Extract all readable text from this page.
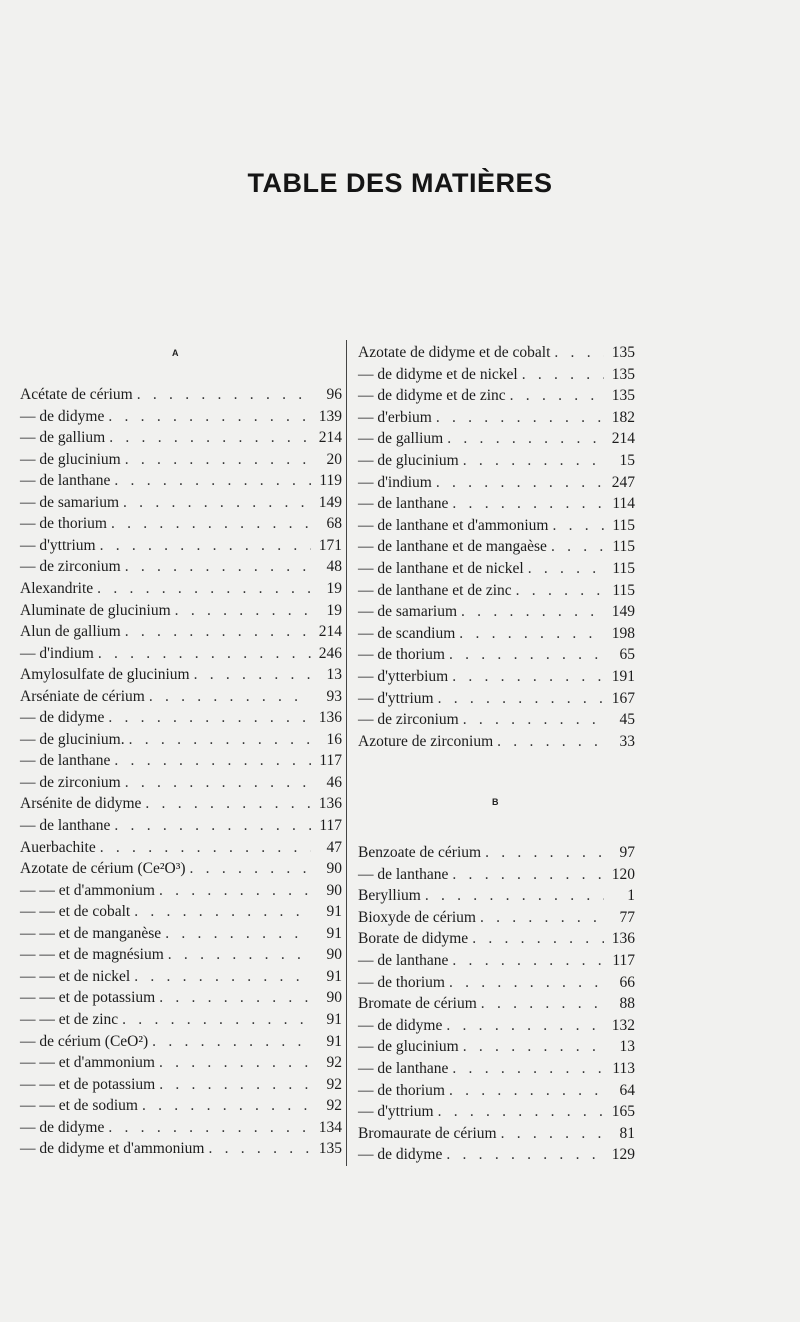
TABLE DES MATIÈRES
A
Acétate de cérium . . .	96
— de didyme . . .	139
— de gallium . . .	214
— de glucinium . . .	20
— de lanthane . . .	119
— de samarium . . .	149
— de thorium . . .	68
— d'yttrium . . .	171
— de zirconium . . .	48
Alexandrite . . .	19
Aluminate de glucinium . . .	19
Alun de gallium . . .	214
— d'indium . . .	246
Amylosulfate de glucinium . . .	13
Arséniate de cérium . . .	93
— de didyme . . .	136
— de glucinium. . . .	16
— de lanthane . . .	117
— de zirconium . . .	46
Arsénite de didyme . . .	136
— de lanthane . . .	117
Auerbachite . . .	47
Azotate de cérium (Ce²O³) . . .	90
— — et d'ammonium . . .	90
— — et de cobalt . . .	91
— — et de manganèse . . .	91
— — et de magnésium . . .	90
— — et de nickel . . .	91
— — et de potassium . . .	90
— — et de zinc . . .	91
— de cérium (CeO²) . . .	91
— — et d'ammonium . . .	92
— — et de potassium . . .	92
— — et de sodium . . .	92
— de didyme . . .	134
— de didyme et d'ammonium . . .	135
Azotate de didyme et de cobalt . . .	135
— de didyme et de nickel . . .	135
— de didyme et de zinc . . .	135
— d'erbium . . .	182
— de gallium . . .	214
— de glucinium . . .	15
— d'indium . . .	247
— de lanthane . . .	114
— de lanthane et d'ammonium . . .	115
— de lanthane et de mangaèse . . .	115
— de lanthane et de nickel . . .	115
— de lanthane et de zinc . . .	115
— de samarium . . .	149
— de scandium . . .	198
— de thorium . . .	65
— d'ytterbium . . .	191
— d'yttrium . . .	167
— de zirconium . . .	45
Azoture de zirconium . . .	33
Benzoate de cérium . . .	97
— de lanthane . . .	120
Beryllium . . .	1
Bioxyde de cérium . . .	77
Borate de didyme . . .	136
— de lanthane . . .	117
— de thorium . . .	66
Bromate de cérium . . .	88
— de didyme . . .	132
— de glucinium . . .	13
— de lanthane . . .	113
— de thorium . . .	64
— d'yttrium . . .	165
Bromaurate de cérium . . .	81
— de didyme . . .	129
B
